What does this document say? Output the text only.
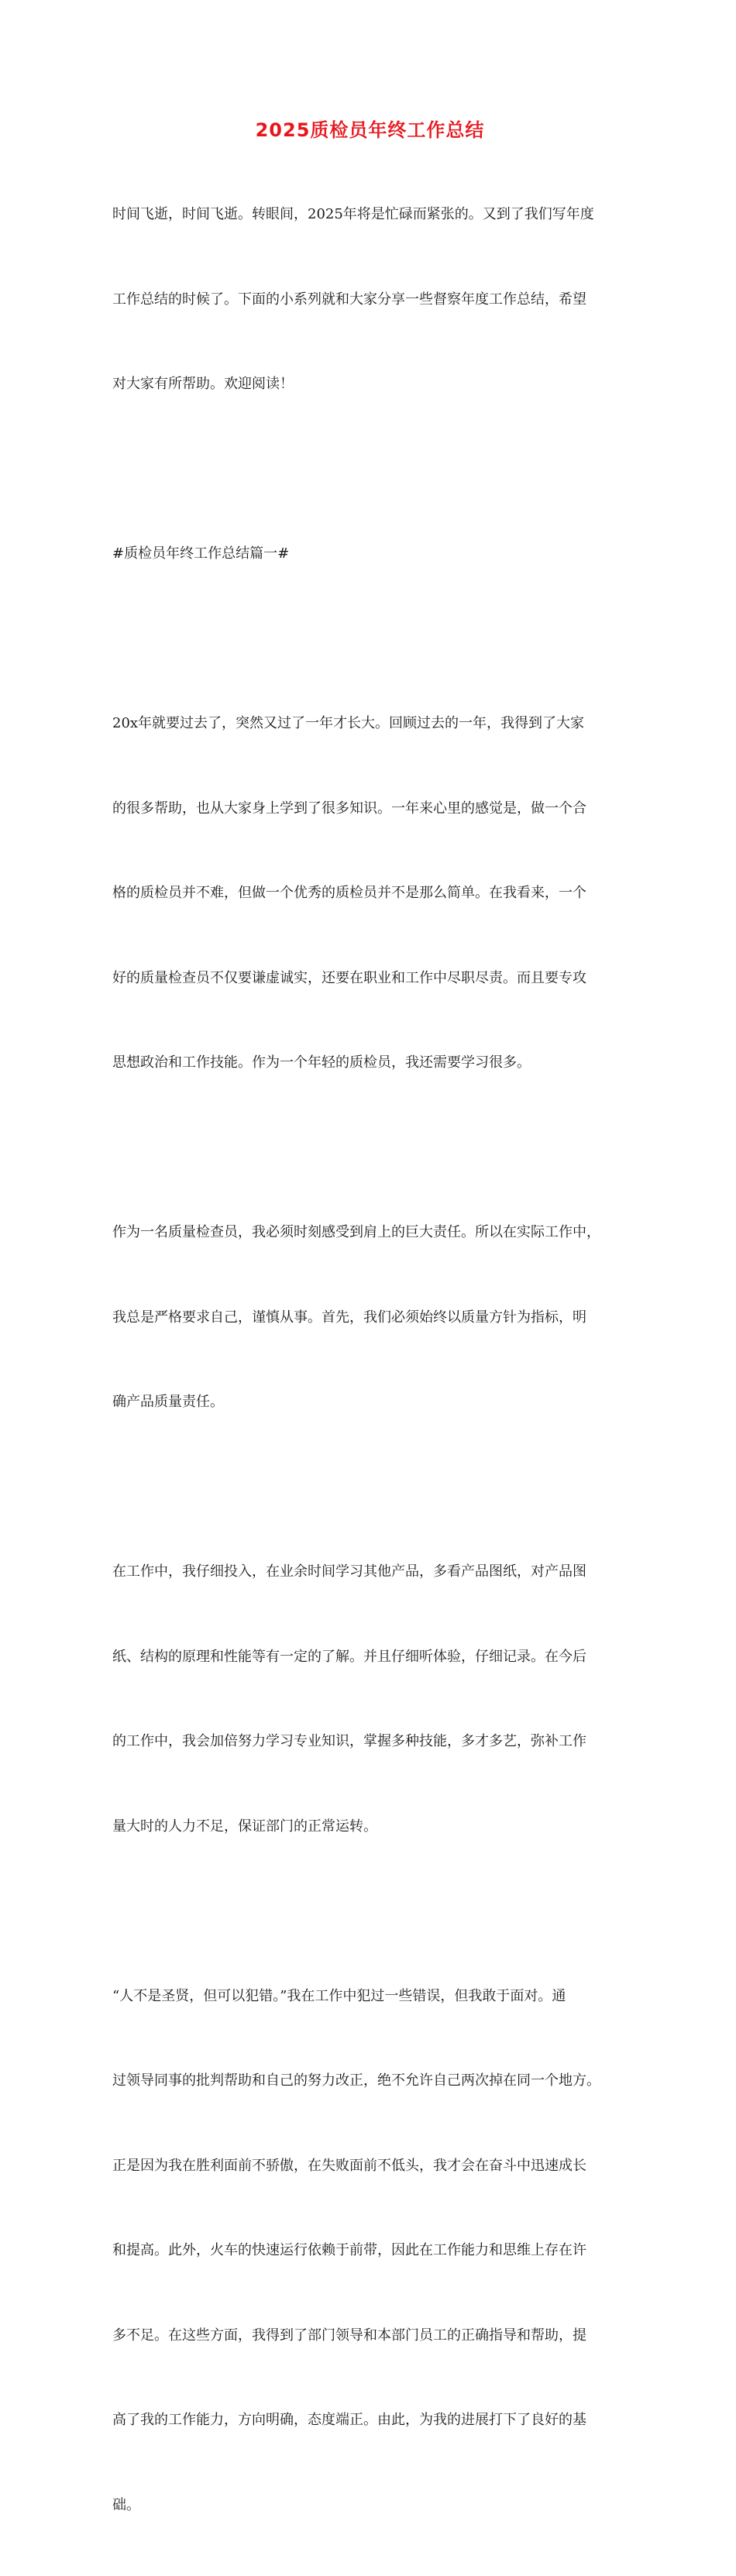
2025质检员年终工作总结

时间飞逝，时间飞逝。转眼间，2025年将是忙碌而紧张的。又到了我们写年度

工作总结的时候了。下面的小系列就和大家分享一些督察年度工作总结，希望

对大家有所帮助。欢迎阅读！

#质检员年终工作总结篇一#

20x年就要过去了，突然又过了一年才长大。回顾过去的一年，我得到了大家

的很多帮助，也从大家身上学到了很多知识。一年来心里的感觉是，做一个合

格的质检员并不难，但做一个优秀的质检员并不是那么简单。在我看来，一个

好的质量检查员不仅要谦虚诚实，还要在职业和工作中尽职尽责。而且要专攻

思想政治和工作技能。作为一个年轻的质检员，我还需要学习很多。

作为一名质量检查员，我必须时刻感受到肩上的巨大责任。所以在实际工作中，

我总是严格要求自己，谨慎从事。首先，我们必须始终以质量方针为指标，明

确产品质量责任。

在工作中，我仔细投入，在业余时间学习其他产品，多看产品图纸，对产品图

纸、结构的原理和性能等有一定的了解。并且仔细听体验，仔细记录。在今后

的工作中，我会加倍努力学习专业知识，掌握多种技能，多才多艺，弥补工作

量大时的人力不足，保证部门的正常运转。

“人不是圣贤，但可以犯错。”我在工作中犯过一些错误，但我敢于面对。通

过领导同事的批判帮助和自己的努力改正，绝不允许自己两次掉在同一个地方。

正是因为我在胜利面前不骄傲，在失败面前不低头，我才会在奋斗中迅速成长

和提高。此外，火车的快速运行依赖于前带，因此在工作能力和思维上存在许

多不足。在这些方面，我得到了部门领导和本部门员工的正确指导和帮助，提

高了我的工作能力，方向明确，态度端正。由此，为我的进展打下了良好的基

础。
